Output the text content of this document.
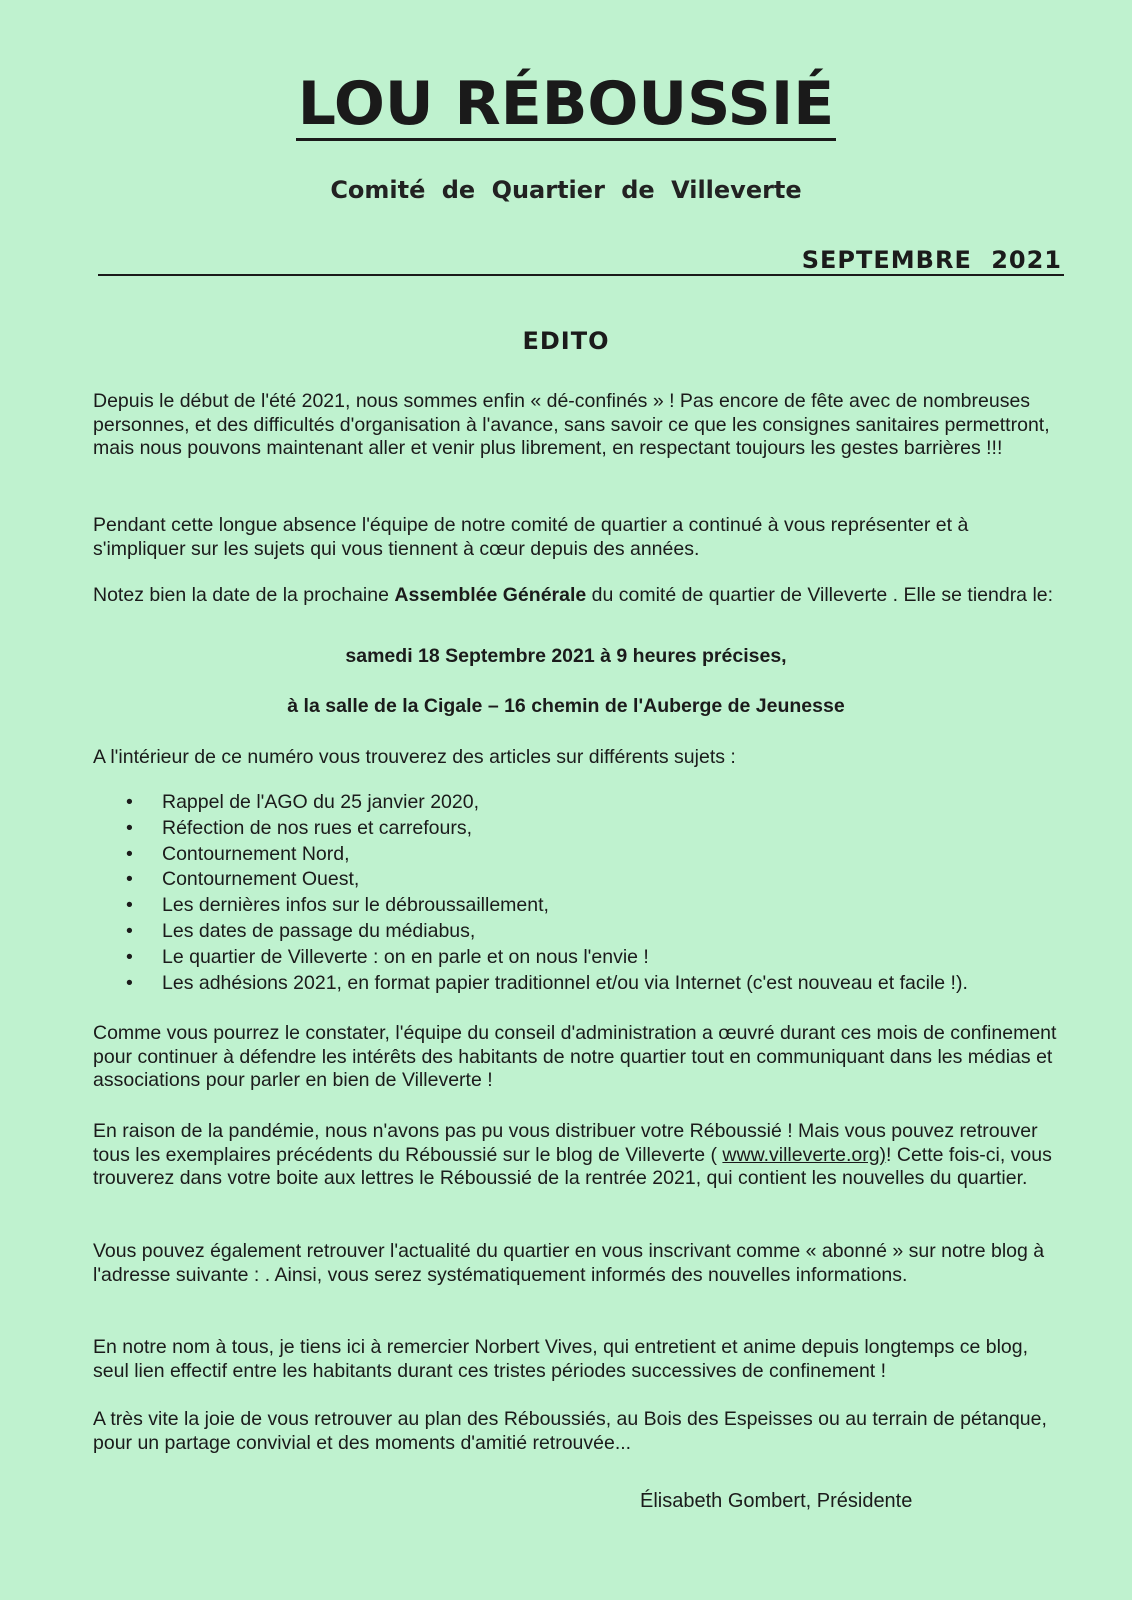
LOU RÉBOUSSIÉ
Comité de Quartier de Villeverte
SEPTEMBRE 2021
EDITO

Depuis le début de l'été 2021, nous sommes enfin « dé-confinés » ! Pas encore de fête avec de nombreuses personnes, et des difficultés d'organisation à l'avance, sans savoir ce que les consignes sanitaires permettront, mais nous pouvons maintenant aller et venir plus librement, en respectant toujours les gestes barrières !!!

Pendant cette longue absence l'équipe de notre comité de quartier a continué à vous représenter et à s'impliquer sur les sujets qui vous tiennent à cœur depuis des années.

Notez bien la date de la prochaine Assemblée Générale du comité de quartier de Villeverte . Elle se tiendra le:

samedi 18 Septembre 2021 à 9 heures précises,
à la salle de la Cigale – 16 chemin de l'Auberge de Jeunesse

A l'intérieur de ce numéro vous trouverez des articles sur différents sujets :

• Rappel de l'AGO du 25 janvier 2020,
• Réfection de nos rues et carrefours,
• Contournement Nord,
• Contournement Ouest,
• Les dernières infos sur le débroussaillement,
• Les dates de passage du médiabus,
• Le quartier de Villeverte : on en parle et on nous l'envie !
• Les adhésions 2021, en format papier traditionnel et/ou via Internet (c'est nouveau et facile !).

Comme vous pourrez le constater, l'équipe du conseil d'administration a œuvré durant ces mois de confinement pour continuer à défendre les intérêts des habitants de notre quartier tout en communiquant dans les médias et associations pour parler en bien de Villeverte !

En raison de la pandémie, nous n'avons pas pu vous distribuer votre Réboussié ! Mais vous pouvez retrouver tous les exemplaires précédents du Réboussié sur le blog de Villeverte ( www.villeverte.org)! Cette fois-ci, vous trouverez dans votre boite aux lettres le Réboussié de la rentrée 2021, qui contient les nouvelles du quartier.

Vous pouvez également retrouver l'actualité du quartier en vous inscrivant comme « abonné » sur notre blog à l'adresse suivante : . Ainsi, vous serez systématiquement informés des nouvelles informations.

En notre nom à tous, je tiens ici à remercier Norbert Vives, qui entretient et anime depuis longtemps ce blog, seul lien effectif entre les habitants durant ces tristes périodes successives de confinement !

A très vite la joie de vous retrouver au plan des Réboussiés, au Bois des Espeisses ou au terrain de pétanque, pour un partage convivial et des moments d'amitié retrouvée...

Élisabeth Gombert, Présidente
